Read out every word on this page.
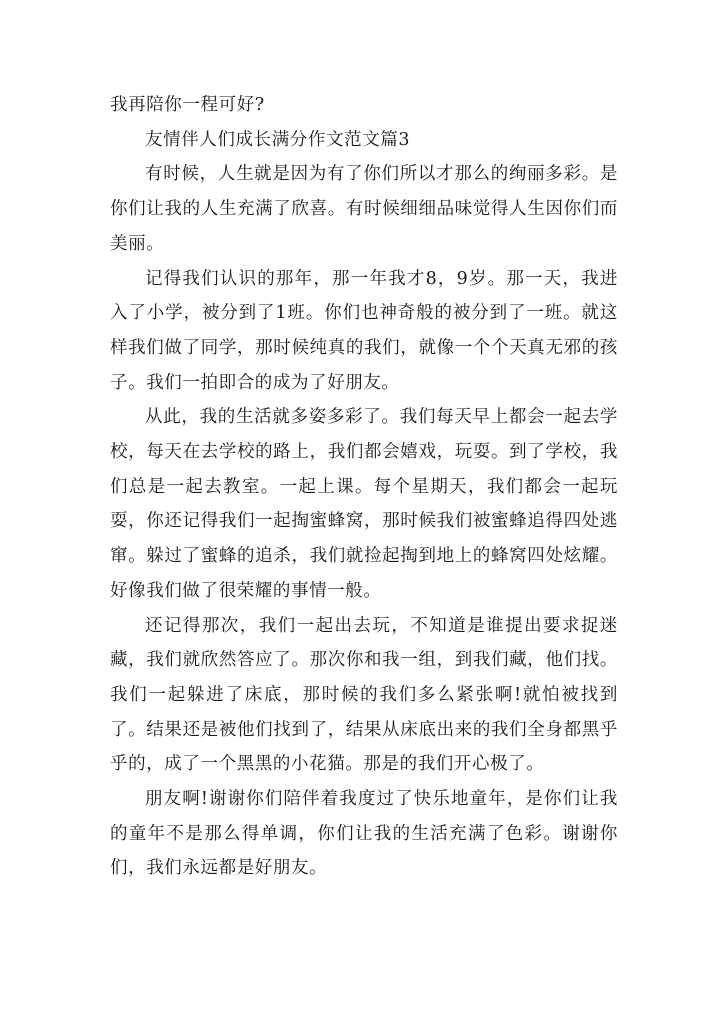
我再陪你一程可好?

友情伴人们成长满分作文范文篇3

有时候，人生就是因为有了你们所以才那么的绚丽多彩。是你们让我的人生充满了欣喜。有时候细细品味觉得人生因你们而美丽。

记得我们认识的那年，那一年我才8，9岁。那一天，我进入了小学，被分到了1班。你们也神奇般的被分到了一班。就这样我们做了同学，那时候纯真的我们，就像一个个天真无邪的孩子。我们一拍即合的成为了好朋友。

从此，我的生活就多姿多彩了。我们每天早上都会一起去学校，每天在去学校的路上，我们都会嬉戏，玩耍。到了学校，我们总是一起去教室。一起上课。每个星期天，我们都会一起玩耍，你还记得我们一起掏蜜蜂窝，那时候我们被蜜蜂追得四处逃窜。躲过了蜜蜂的追杀，我们就捡起掏到地上的蜂窝四处炫耀。好像我们做了很荣耀的事情一般。

还记得那次，我们一起出去玩，不知道是谁提出要求捉迷藏，我们就欣然答应了。那次你和我一组，到我们藏，他们找。我们一起躲进了床底，那时候的我们多么紧张啊!就怕被找到了。结果还是被他们找到了，结果从床底出来的我们全身都黑乎乎的，成了一个黑黑的小花猫。那是的我们开心极了。

朋友啊!谢谢你们陪伴着我度过了快乐地童年，是你们让我的童年不是那么得单调，你们让我的生活充满了色彩。谢谢你们，我们永远都是好朋友。
